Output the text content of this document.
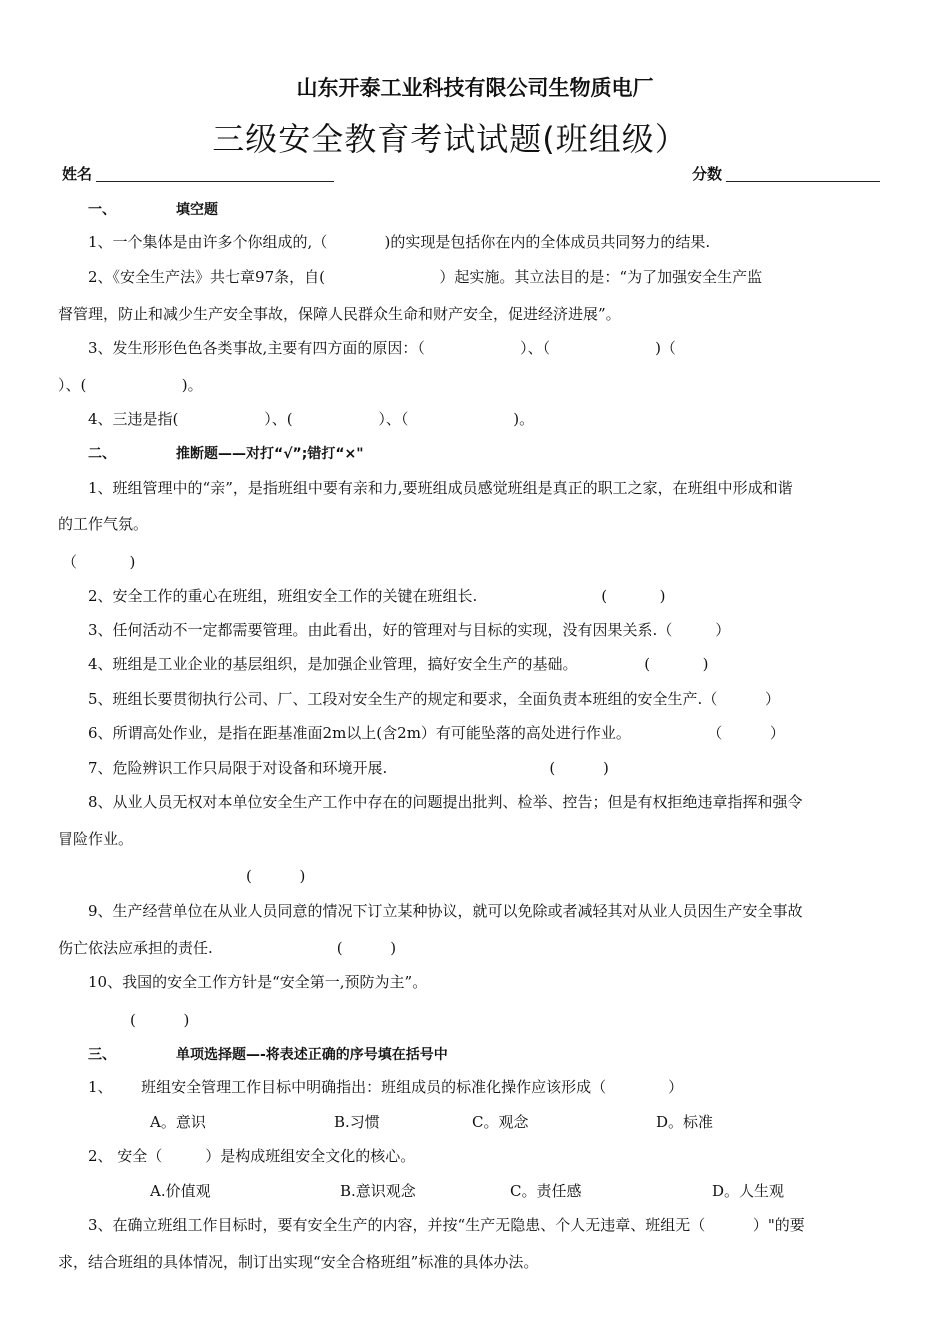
山东开泰工业科技有限公司生物质电厂
三级安全教育考试试题(班组级）
姓名	分数
一、	填空题
1、一个集体是由许多个你组成的,（            )的实现是包括你在内的全体成员共同努力的结果.
2、《安全生产法》共七章97条，自(                        ）起实施。其立法目的是：“为了加强安全生产监
督管理，防止和减少生产安全事故，保障人民群众生命和财产安全，促进经济进展”。
3、发生形形色色各类事故,主要有四方面的原因：（                    ）、（                      )（
）、(                    )。
4、三违是指(                  ）、(                  ）、（                      )。
二、	推断题——对打“√”;错打“×"
1、班组管理中的“亲”，是指班组中要有亲和力,要班组成员感觉班组是真正的职工之家，在班组中形成和谐
的工作气氛。
（           )
2、安全工作的重心在班组，班组安全工作的关键在班组长.                          (           )
3、任何活动不一定都需要管理。由此看出，好的管理对与目标的实现，没有因果关系.（         ）
4、班组是工业企业的基层组织，是加强企业管理，搞好安全生产的基础。              (           )
5、班组长要贯彻执行公司、厂、工段对安全生产的规定和要求，全面负责本班组的安全生产.（          ）
6、所谓高处作业，是指在距基准面2m以上(含2m）有可能坠落的高处进行作业。                （          ）
7、危险辨识工作只局限于对设备和环境开展.                                  (          )
8、从业人员无权对本单位安全生产工作中存在的问题提出批判、检举、控告；但是有权拒绝违章指挥和强令
冒险作业。
(          )
9、生产经营单位在从业人员同意的情况下订立某种协议，就可以免除或者减轻其对从业人员因生产安全事故
伤亡依法应承担的责任.                          (          )
10、我国的安全工作方针是“安全第一,预防为主”。
(          )
三、	单项选择题—-将表述正确的序号填在括号中
1、      班组安全管理工作目标中明确指出：班组成员的标准化操作应该形成（             ）
A。意识	B.习惯	C。观念	D。标准
2、 安全（         ）是构成班组安全文化的核心。
A.价值观	B.意识观念	C。责任感	D。人生观
3、在确立班组工作目标时，要有安全生产的内容，并按“生产无隐患、个人无违章、班组无（          ）"的要
求，结合班组的具体情况，制订出实现“安全合格班组”标准的具体办法。
